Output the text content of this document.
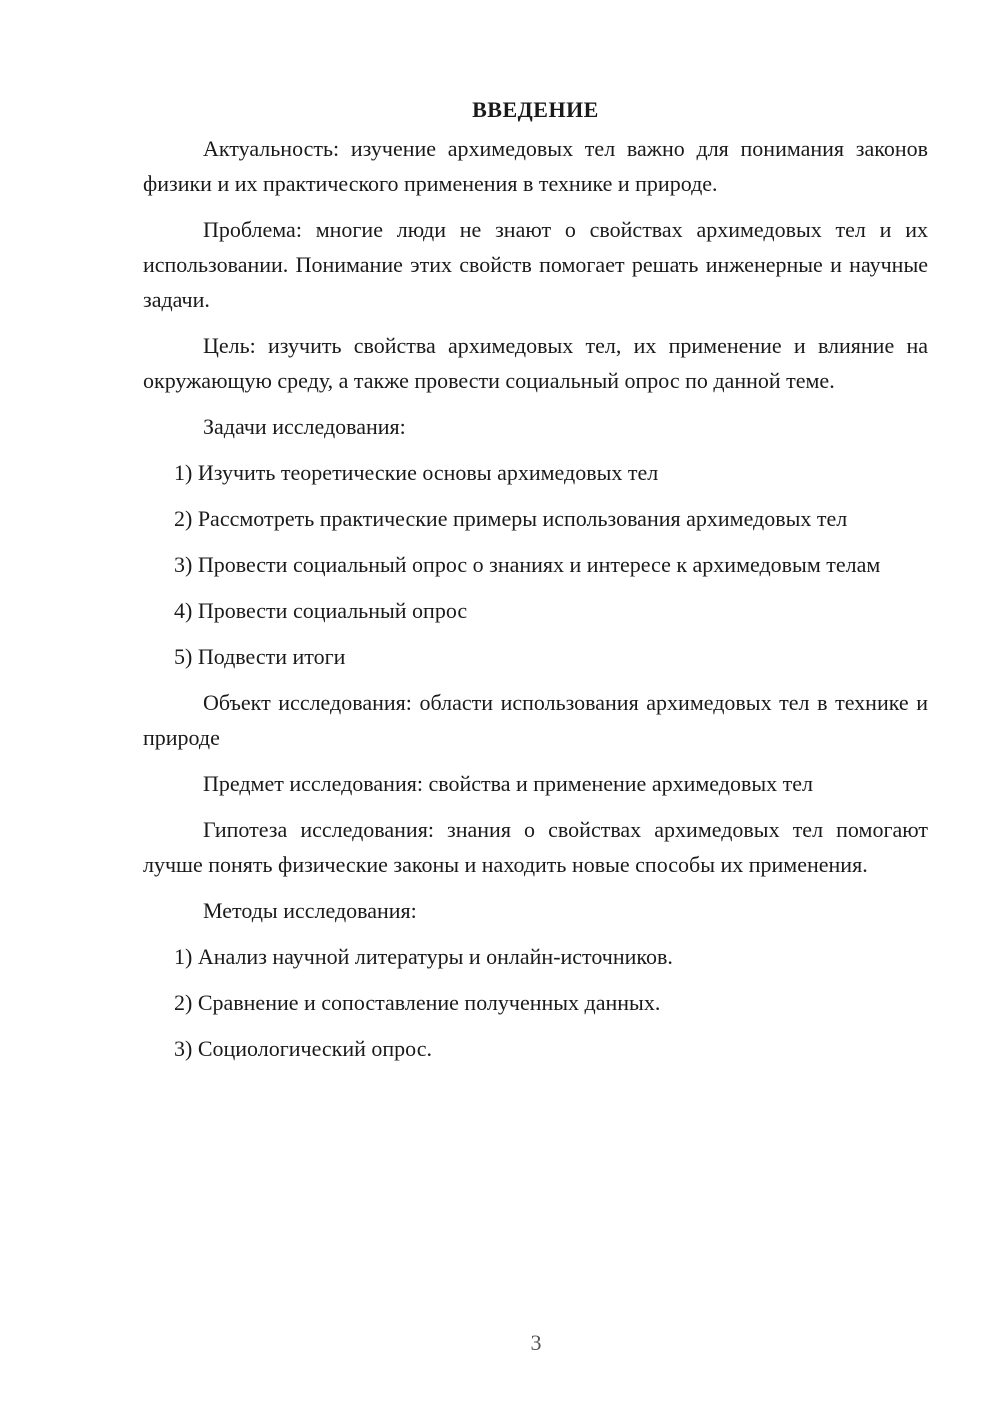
ВВЕДЕНИЕ

Актуальность: изучение архимедовых тел важно для понимания законов физики и их практического применения в технике и природе.

Проблема: многие люди не знают о свойствах архимедовых тел и их использовании. Понимание этих свойств помогает решать инженерные и научные задачи.

Цель: изучить свойства архимедовых тел, их применение и влияние на окружающую среду, а также провести социальный опрос по данной теме.

Задачи исследования:

1) Изучить теоретические основы архимедовых тел

2) Рассмотреть практические примеры использования архимедовых тел

3) Провести социальный опрос о знаниях и интересе к архимедовым телам

4) Провести социальный опрос

5) Подвести итоги

Объект исследования: области использования архимедовых тел в технике и природе

Предмет исследования: свойства и применение архимедовых тел

Гипотеза исследования: знания о свойствах архимедовых тел помогают лучше понять физические законы и находить новые способы их применения.

Методы исследования:

1) Анализ научной литературы и онлайн-источников.

2) Сравнение и сопоставление полученных данных.

3) Социологический опрос.

3
